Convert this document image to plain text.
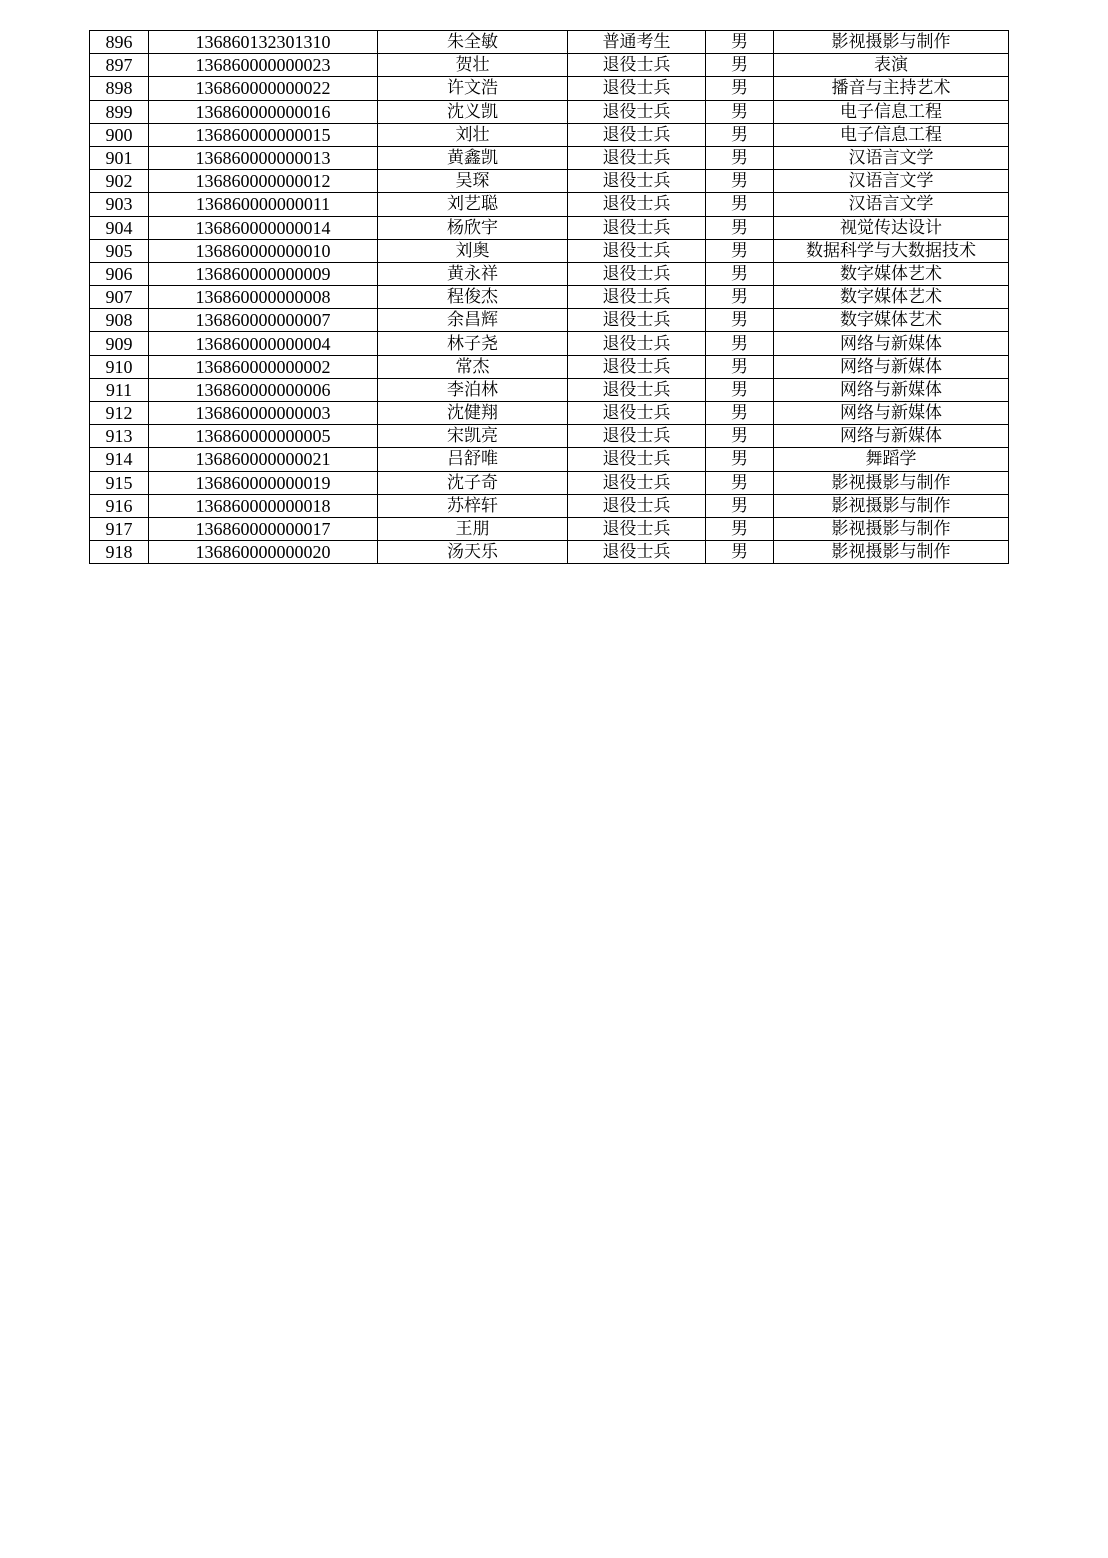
896	136860132301310	朱全敏	普通考生	男	影视摄影与制作
897	136860000000023	贺壮	退役士兵	男	表演
898	136860000000022	许文浩	退役士兵	男	播音与主持艺术
899	136860000000016	沈义凯	退役士兵	男	电子信息工程
900	136860000000015	刘壮	退役士兵	男	电子信息工程
901	136860000000013	黄鑫凯	退役士兵	男	汉语言文学
902	136860000000012	吴琛	退役士兵	男	汉语言文学
903	136860000000011	刘艺聪	退役士兵	男	汉语言文学
904	136860000000014	杨欣宇	退役士兵	男	视觉传达设计
905	136860000000010	刘奥	退役士兵	男	数据科学与大数据技术
906	136860000000009	黄永祥	退役士兵	男	数字媒体艺术
907	136860000000008	程俊杰	退役士兵	男	数字媒体艺术
908	136860000000007	余昌辉	退役士兵	男	数字媒体艺术
909	136860000000004	林子尧	退役士兵	男	网络与新媒体
910	136860000000002	常杰	退役士兵	男	网络与新媒体
911	136860000000006	李泊林	退役士兵	男	网络与新媒体
912	136860000000003	沈健翔	退役士兵	男	网络与新媒体
913	136860000000005	宋凯亮	退役士兵	男	网络与新媒体
914	136860000000021	吕舒唯	退役士兵	男	舞蹈学
915	136860000000019	沈子奇	退役士兵	男	影视摄影与制作
916	136860000000018	苏梓轩	退役士兵	男	影视摄影与制作
917	136860000000017	王朋	退役士兵	男	影视摄影与制作
918	136860000000020	汤天乐	退役士兵	男	影视摄影与制作
